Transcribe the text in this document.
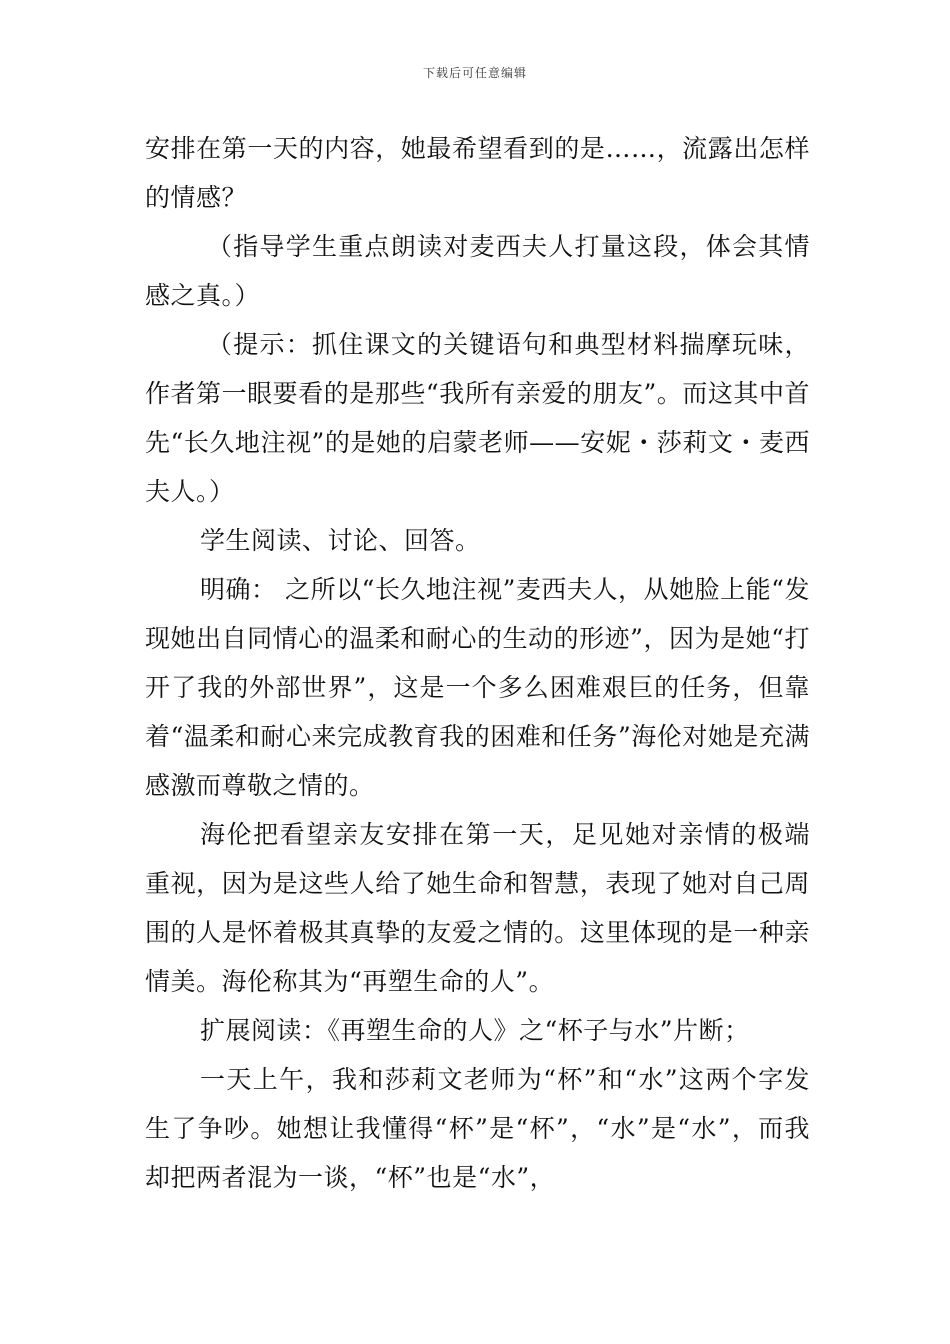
下载后可任意编辑

安排在第一天的内容，她最希望看到的是……，流露出怎样的情感？

（指导学生重点朗读对麦西夫人打量这段，体会其情感之真。）

（提示：抓住课文的关键语句和典型材料揣摩玩味，作者第一眼要看的是那些“我所有亲爱的朋友”。而这其中首先“长久地注视”的是她的启蒙老师——安妮・莎莉文・麦西夫人。）

学生阅读、讨论、回答。

明确： 之所以“长久地注视”麦西夫人，从她脸上能“发现她出自同情心的温柔和耐心的生动的形迹”，因为是她“打开了我的外部世界”，这是一个多么困难艰巨的任务，但靠着“温柔和耐心来完成教育我的困难和任务”海伦对她是充满感激而尊敬之情的。

海伦把看望亲友安排在第一天，足见她对亲情的极端重视，因为是这些人给了她生命和智慧，表现了她对自己周围的人是怀着极其真挚的友爱之情的。这里体现的是一种亲情美。海伦称其为“再塑生命的人”。

扩展阅读：《再塑生命的人》之“杯子与水”片断；

一天上午，我和莎莉文老师为“杯”和“水”这两个字发生了争吵。她想让我懂得“杯”是“杯”，“水”是“水”，而我却把两者混为一谈，“杯”也是“水”，
